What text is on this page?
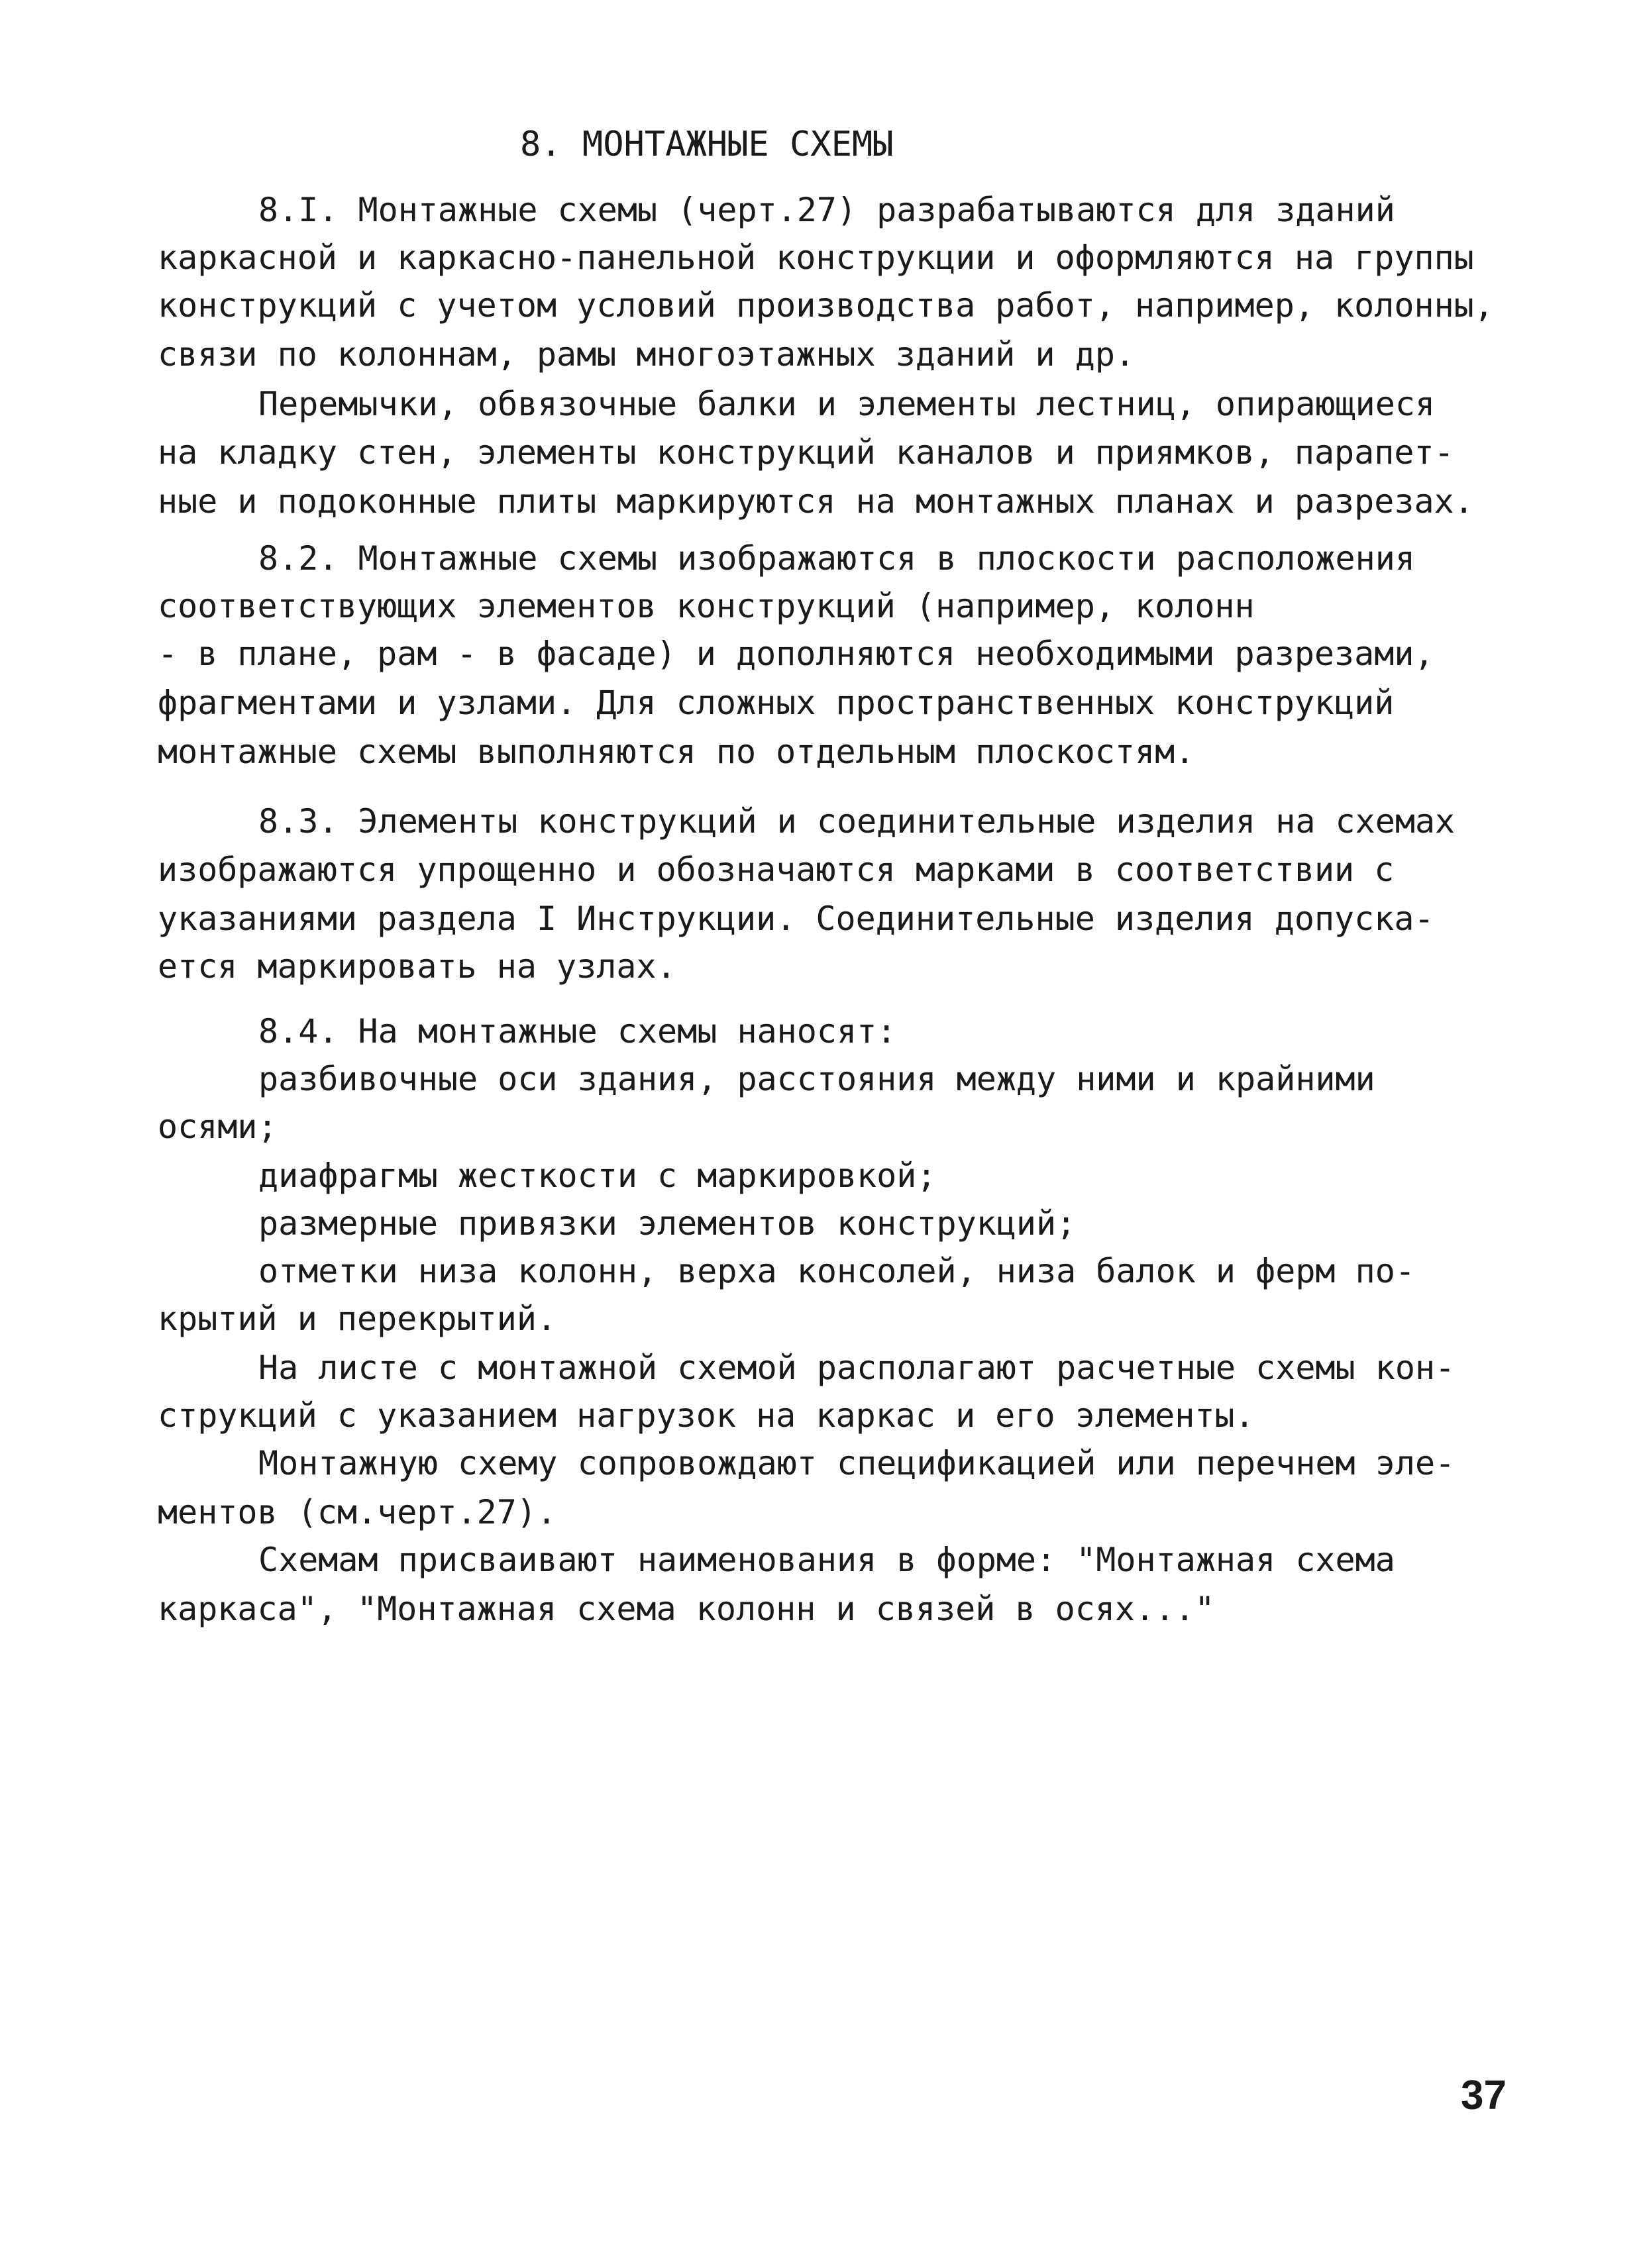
8. МОНТАЖНЫЕ СХЕМЫ
8.I. Монтажные схемы (черт.27) разрабатываются для зданий
каркасной и каркасно-панельной конструкции и оформляются на группы
конструкций с учетом условий производства работ, например, колонны,
связи по колоннам, рамы многоэтажных зданий и др.
Перемычки, обвязочные балки и элементы лестниц, опирающиеся
на кладку стен, элементы конструкций каналов и приямков, парапет-
ные и подоконные плиты маркируются на монтажных планах и разрезах.
8.2. Монтажные схемы изображаются в плоскости расположения
соответствующих элементов конструкций (например, колонн
- в плане, рам - в фасаде) и дополняются необходимыми разрезами,
фрагментами и узлами. Для сложных пространственных конструкций
монтажные схемы выполняются по отдельным плоскостям.
8.3. Элементы конструкций и соединительные изделия на схемах
изображаются упрощенно и обозначаются марками в соответствии с
указаниями раздела I Инструкции. Соединительные изделия допуска-
ется маркировать на узлах.
8.4. На монтажные схемы наносят:
разбивочные оси здания, расстояния между ними и крайними
осями;
диафрагмы жесткости с маркировкой;
размерные привязки элементов конструкций;
отметки низа колонн, верха консолей, низа балок и ферм по-
крытий и перекрытий.
На листе с монтажной схемой располагают расчетные схемы кон-
струкций с указанием нагрузок на каркас и его элементы.
Монтажную схему сопровождают спецификацией или перечнем эле-
ментов (см.черт.27).
Схемам присваивают наименования в форме: "Монтажная схема
каркаса", "Монтажная схема колонн и связей в осях..."
37
